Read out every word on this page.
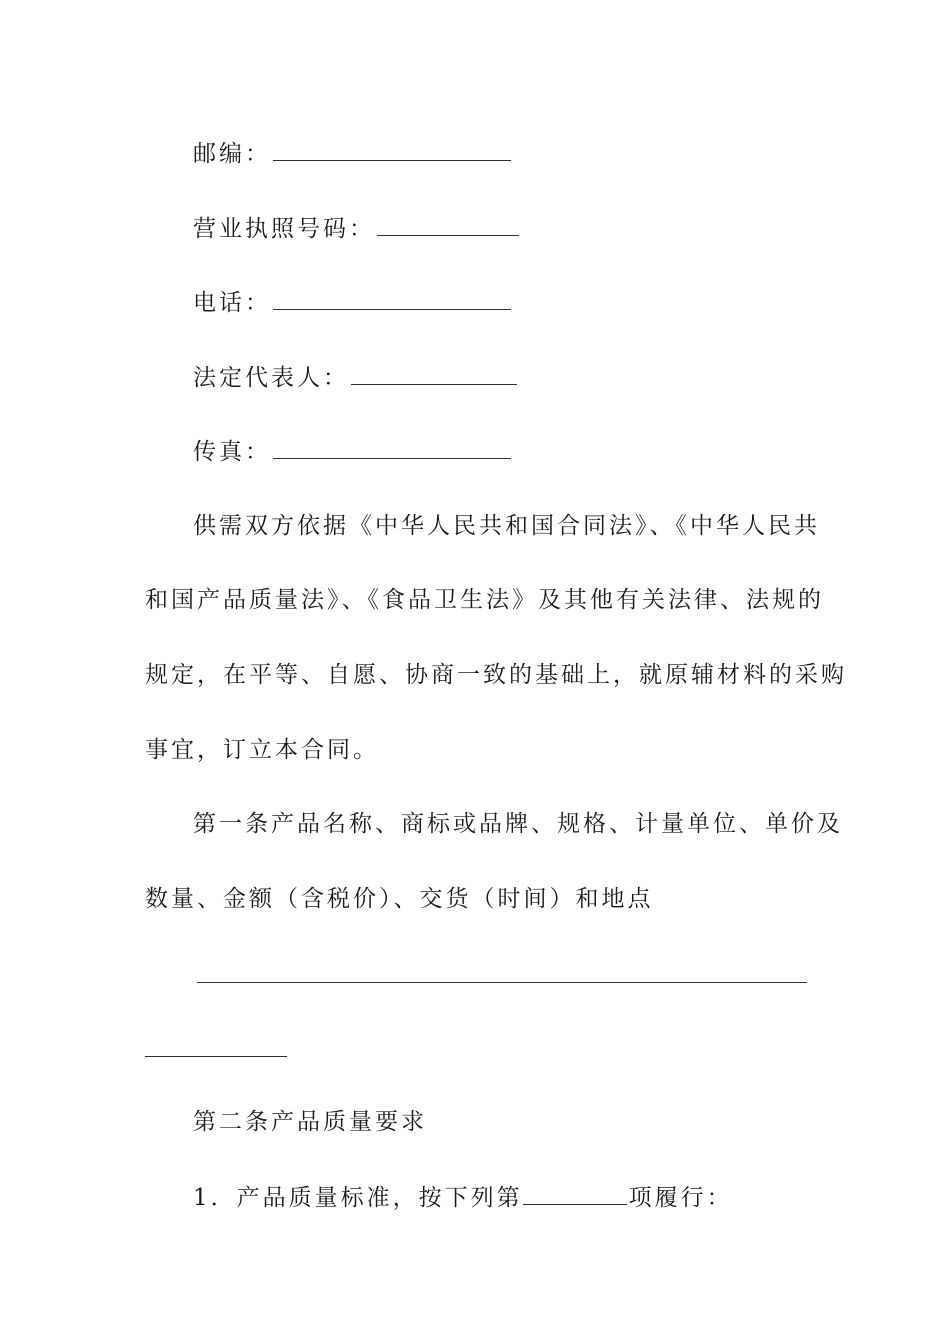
邮编：
营业执照号码：
电话：
法定代表人：
传真：
供需双方依据《中华人民共和国合同法》、《中华人民共
和国产品质量法》、《食品卫生法》及其他有关法律、法规的
规定，在平等、自愿、协商一致的基础上，就原辅材料的采购
事宜，订立本合同。
第一条产品名称、商标或品牌、规格、计量单位、单价及
数量、金额（含税价）、交货（时间）和地点
第二条产品质量要求
1．产品质量标准，按下列第	项履行：
